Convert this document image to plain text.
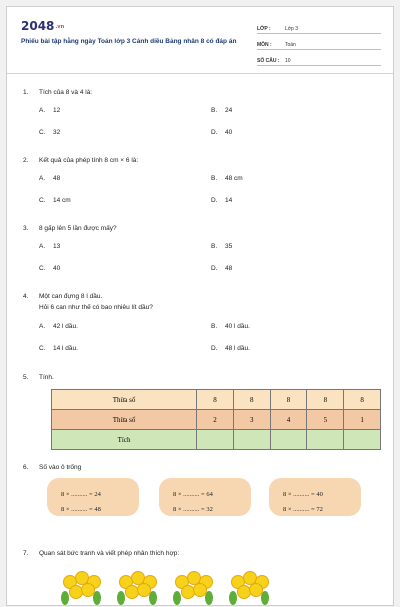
2048.vn
Phiếu bài tập hằng ngày Toán lớp 3 Cánh diều Bảng nhân 8 có đáp án
LỚP :	Lớp 3
MÔN :	Toán
SỐ CÂU :	10
1. Tích của 8 và 4 là:
A. 12	B. 24
C. 32	D. 40
2. Kết quả của phép tính 8 cm × 6 là:
A. 48	B. 48 cm
C. 14 cm	D. 14
3. 8 gấp lên 5 lần được mấy?
A. 13	B. 35
C. 40	D. 48
4. Một can đựng 8 l dầu.
Hỏi 6 can như thế có bao nhiêu lít dầu?
A. 42 l dầu.	B. 40 l dầu.
C. 14 l dầu.	D. 48 l dầu.
5. Tính.
Thừa số	8	8	8	8	8
Thừa số	2	3	4	5	1
Tích					
6. Số vào ô trống
8 × .......... = 24
8 × .......... = 48
8 × .......... = 64
8 × .......... = 32
8 × .......... = 40
8 × .......... = 72
7. Quan sát bức tranh và viết phép nhân thích hợp:
